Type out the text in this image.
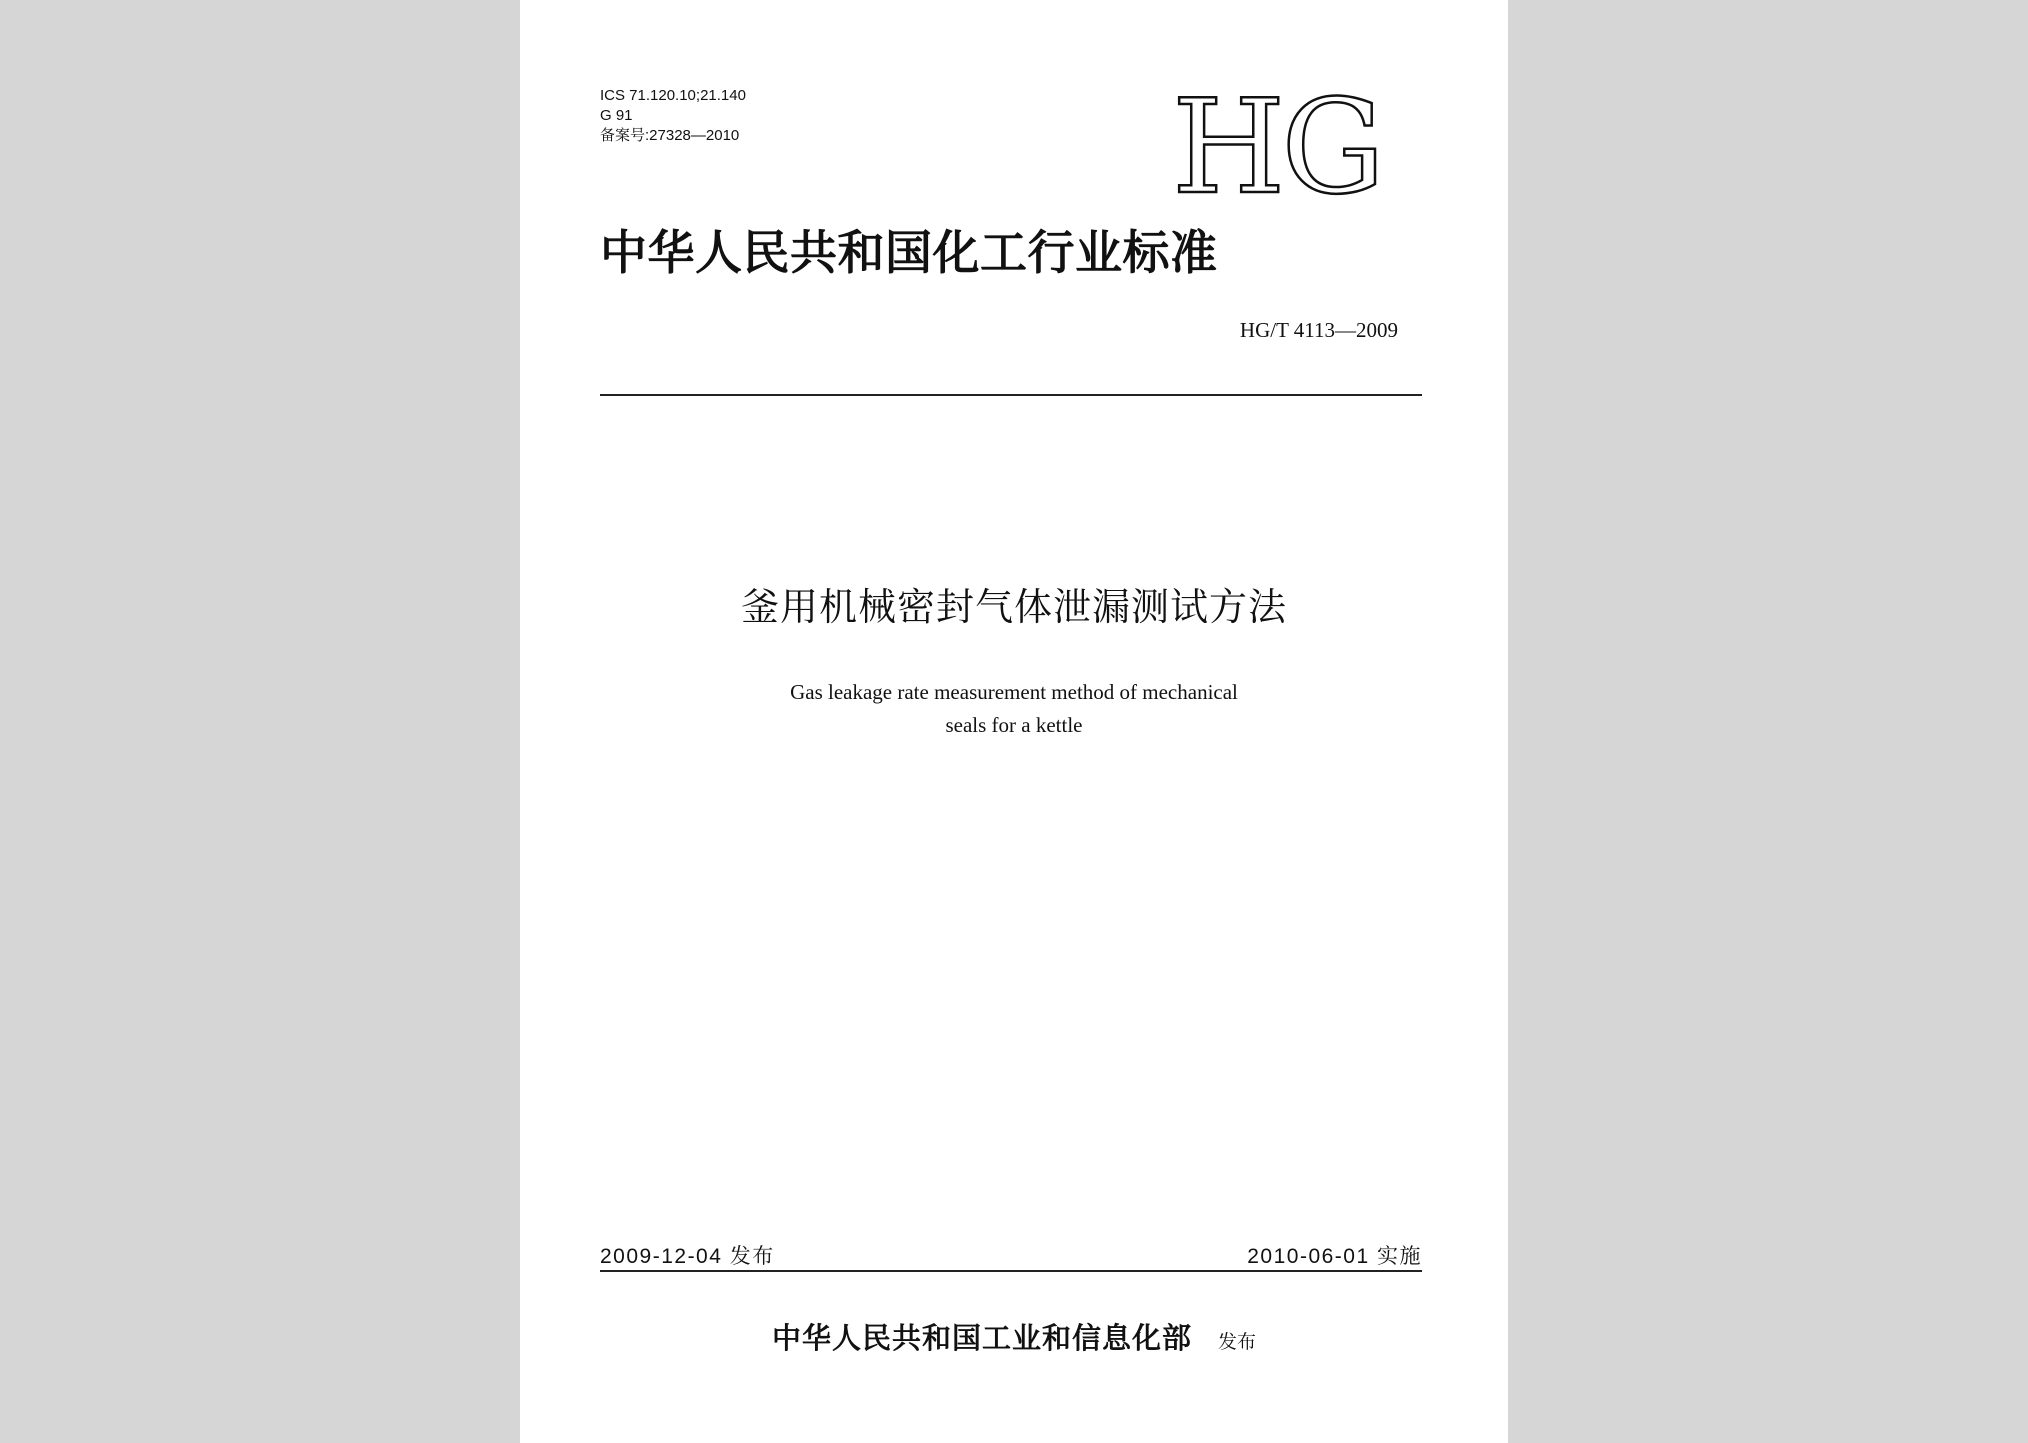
ICS 71.120.10;21.140
G 91
备案号:27328—2010	HG
中华人民共和国化工行业标准
HG/T 4113—2009
釜用机械密封气体泄漏测试方法
Gas leakage rate measurement method of mechanical
seals for a kettle
2009-12-04 发布	2010-06-01 实施
中华人民共和国工业和信息化部 发布
